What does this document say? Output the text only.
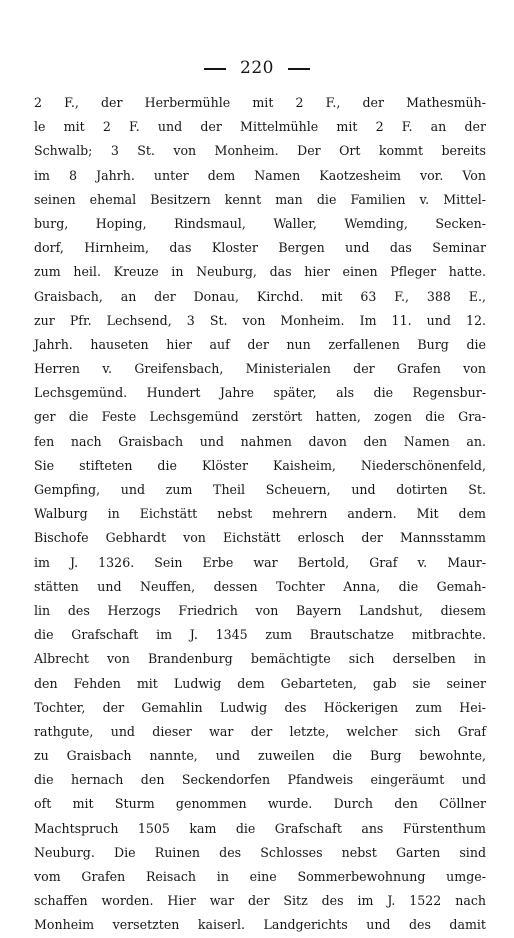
220
2 F., der Herbermühle mit 2 F., der Mathesmüh-
le mit 2 F. und der Mittelmühle mit 2 F. an der
Schwalb; 3 St. von Monheim. Der Ort kommt bereits
im 8 Jahrh. unter dem Namen Kaotzesheim vor. Von
seinen ehemal Besitzern kennt man die Familien v. Mittel-
burg, Hoping, Rindsmaul, Waller, Wemding, Secken-
dorf, Hirnheim, das Kloster Bergen und das Seminar
zum heil. Kreuze in Neuburg, das hier einen Pfleger hatte.
Graisbach, an der Donau, Kirchd. mit 63 F., 388 E.,
zur Pfr. Lechsend, 3 St. von Monheim. Im 11. und 12.
Jahrh. hauseten hier auf der nun zerfallenen Burg die
Herren v. Greifensbach, Ministerialen der Grafen von
Lechsgemünd. Hundert Jahre später, als die Regensbur-
ger die Feste Lechsgemünd zerstört hatten, zogen die Gra-
fen nach Graisbach und nahmen davon den Namen an.
Sie stifteten die Klöster Kaisheim, Niederschönenfeld,
Gempfing, und zum Theil Scheuern, und dotirten St.
Walburg in Eichstätt nebst mehrern andern. Mit dem
Bischofe Gebhardt von Eichstätt erlosch der Mannsstamm
im J. 1326. Sein Erbe war Bertold, Graf v. Maur-
stätten und Neuffen, dessen Tochter Anna, die Gemah-
lin des Herzogs Friedrich von Bayern Landshut, diesem
die Grafschaft im J. 1345 zum Brautschatze mitbrachte.
Albrecht von Brandenburg bemächtigte sich derselben in
den Fehden mit Ludwig dem Gebarteten, gab sie seiner
Tochter, der Gemahlin Ludwig des Höckerigen zum Hei-
rathgute, und dieser war der letzte, welcher sich Graf
zu Graisbach nannte, und zuweilen die Burg bewohnte,
die hernach den Seckendorfen Pfandweis eingeräumt und
oft mit Sturm genommen wurde. Durch den Cöllner
Machtspruch 1505 kam die Grafschaft ans Fürstenthum
Neuburg. Die Ruinen des Schlosses nebst Garten sind
vom Grafen Reisach in eine Sommerbewohnung umge-
schaffen worden. Hier war der Sitz des im J. 1522 nach
Monheim versetzten kaiserl. Landgerichts und des damit
